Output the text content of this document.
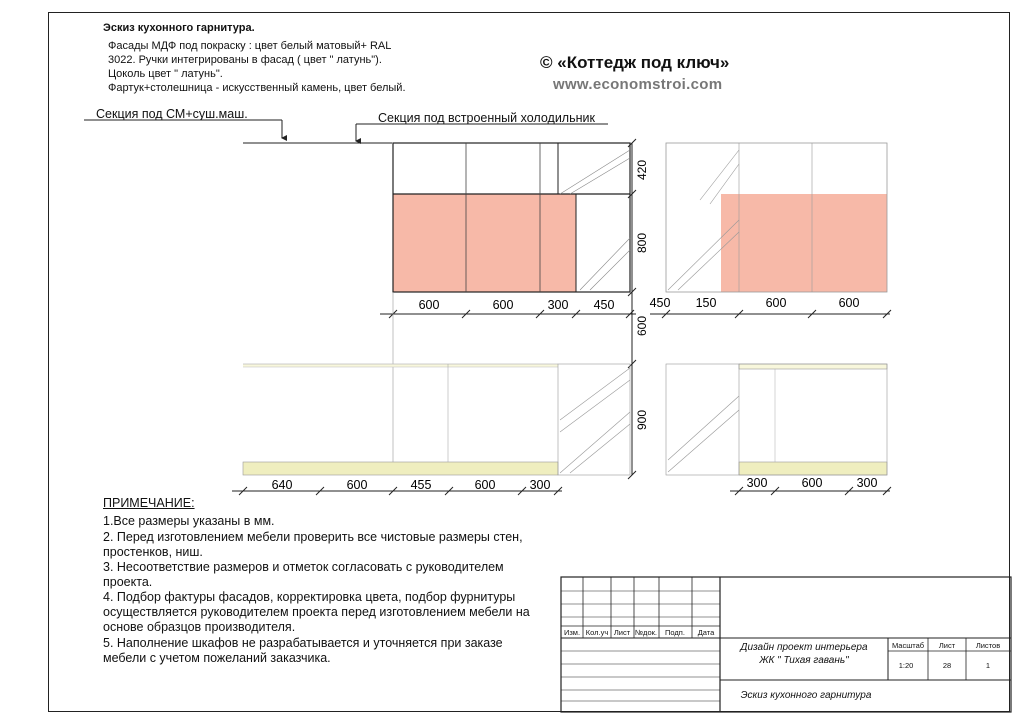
Эскиз кухонного гарнитура.
Фасады МДФ под покраску : цвет белый матовый+ RAL
3022. Ручки интегрированы в фасад ( цвет " латунь").
Цоколь цвет " латунь".
Фартук+столешница - искусственный камень, цвет белый.
© «Коттедж под ключ»
www.economstroi.com
Секция под СМ+суш.маш.	Секция под встроенный холодильник
420
800
600
900
600	600	300 450	450 150	600	600
640	600	455	600	300	300	600	300
Изм. Кол.уч Лист №док. Подп. Дата
Дизайн проект интерьера
ЖК " Тихая гавань"
Эскиз кухонного гарнитура
Масштаб Лист	Листов
1:20	28	1
ПРИМЕЧАНИЕ:
1.Все размеры указаны в мм.
2. Перед изготовлением мебели проверить все чистовые размеры стен,
простенков, ниш.
3. Несоответствие размеров и отметок согласовать с руководителем
проекта.
4. Подбор фактуры фасадов, корректировка цвета, подбор фурнитуры
осуществляется руководителем проекта перед изготовлением мебели на
основе образцов производителя.
5. Наполнение шкафов не разрабатывается и уточняется при заказе
мебели с учетом пожеланий заказчика.
